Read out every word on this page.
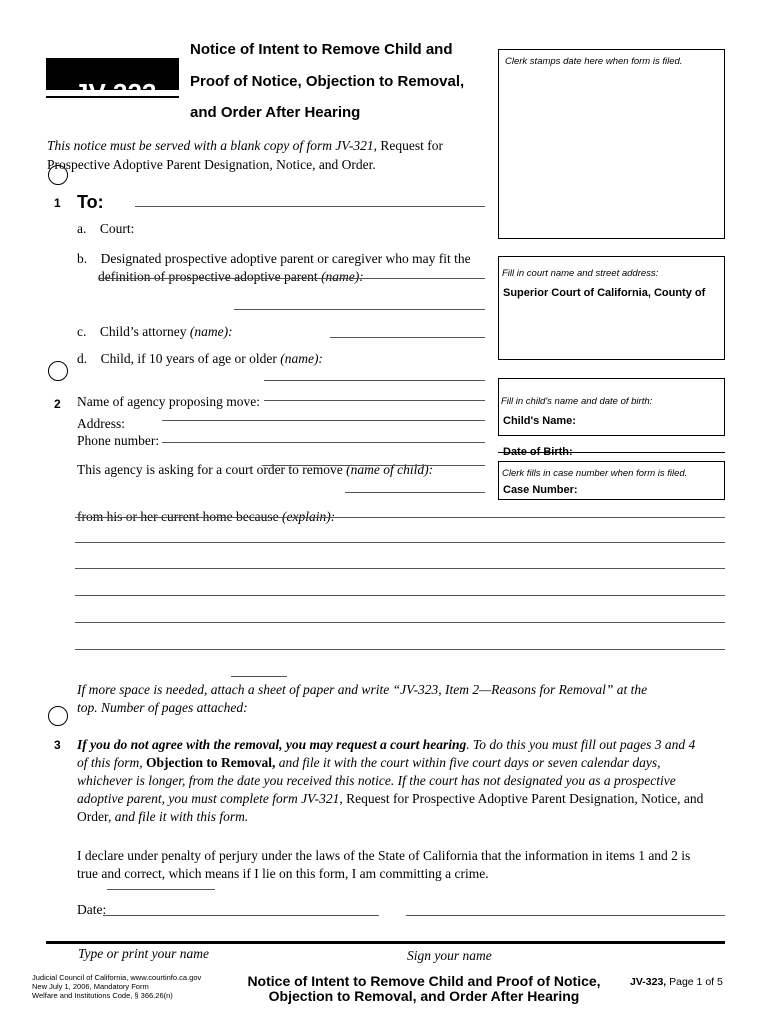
JV-323
Notice of Intent to Remove Child and
Proof of Notice, Objection to Removal,
and Order After Hearing
This notice must be served with a blank copy of form JV-321, Request for
Prospective Adoptive Parent Designation, Notice, and Order.
Clerk stamps date here when form is filed.
Fill in court name and street address:
Superior Court of California, County of
Fill in child's name and date of birth:
Child's Name:
Date of Birth:
Clerk fills in case number when form is filed.
Case Number:
1 To:
a. Court:
b. Designated prospective adoptive parent or caregiver who may fit the
definition of prospective adoptive parent (name):
c. Child’s attorney (name):
d. Child, if 10 years of age or older (name):
2 Name of agency proposing move:
Address:
Phone number:
This agency is asking for a court order to remove (name of child):
from his or her current home because (explain):
If more space is needed, attach a sheet of paper and write “JV-323, Item 2—Reasons for Removal” at the
top. Number of pages attached:
3 If you do not agree with the removal, you may request a court hearing. To do this you must fill out pages 3 and 4
of this form, Objection to Removal, and file it with the court within five court days or seven calendar days,
whichever is longer, from the date you received this notice. If the court has not designated you as a prospective
adoptive parent, you must complete form JV-321, Request for Prospective Adoptive Parent Designation, Notice, and
Order, and file it with this form.
I declare under penalty of perjury under the laws of the State of California that the information in items 1 and 2 is
true and correct, which means if I lie on this form, I am committing a crime.
Date:
Type or print your name	Sign your name
Judicial Council of California, www.courtinfo.ca.gov
New July 1, 2006, Mandatory Form
Welfare and Institutions Code, § 366.26(n)
Notice of Intent to Remove Child and Proof of Notice,
Objection to Removal, and Order After Hearing
JV-323, Page 1 of 5
